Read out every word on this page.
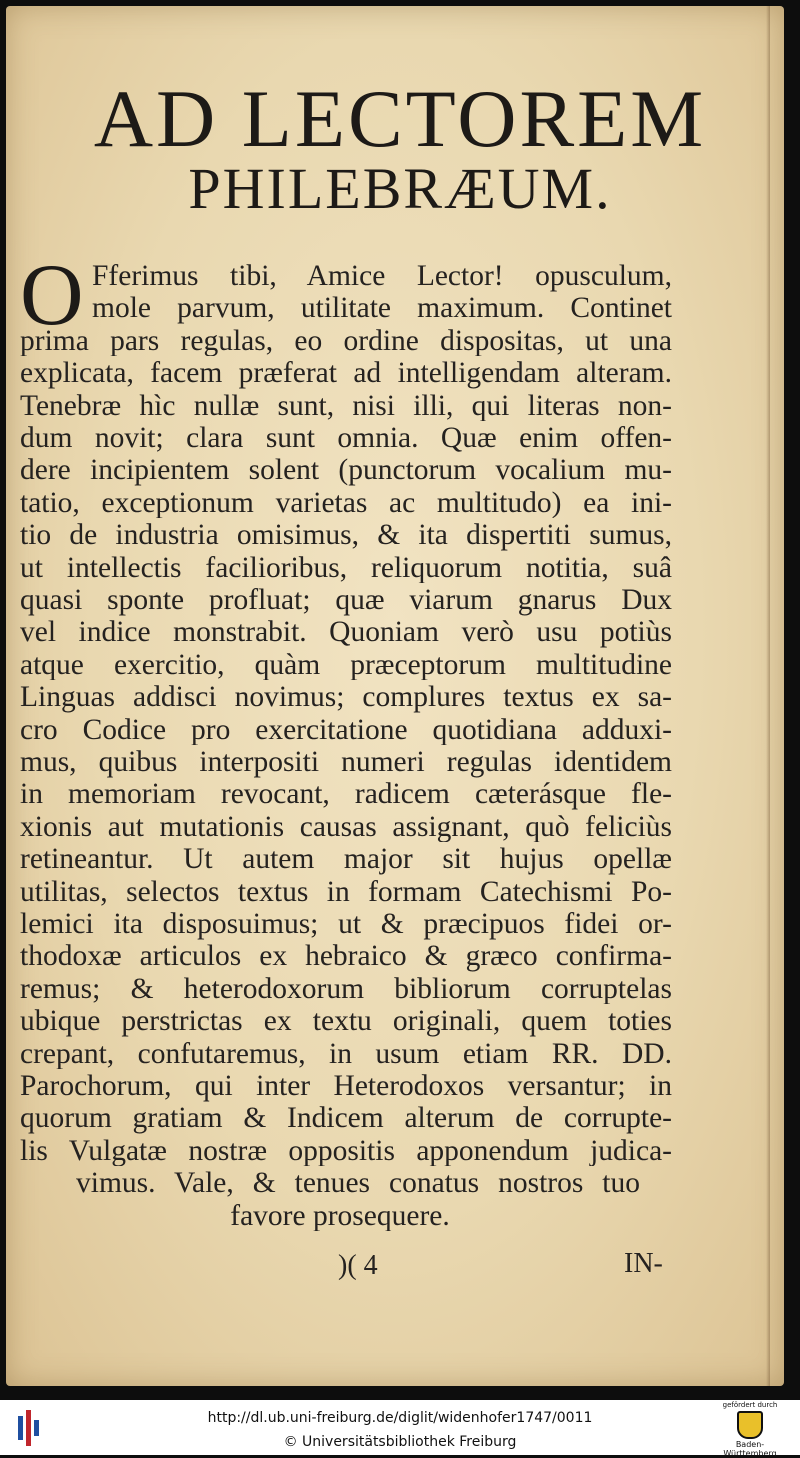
AD LECTOREM
PHILEBRÆUM.
O Fferimus tibi, Amice Lector! opusculum,
mole parvum, utilitate maximum. Continet
prima pars regulas, eo ordine dispositas, ut una
explicata, facem præferat ad intelligendam alteram.
Tenebræ hìc nullæ sunt, nisi illi, qui literas non-
dum novit; clara sunt omnia. Quæ enim offen-
dere incipientem solent (punctorum vocalium mu-
tatio, exceptionum varietas ac multitudo) ea ini-
tio de industria omisimus, & ita dispertiti sumus,
ut intellectis facilioribus, reliquorum notitia, suâ
quasi sponte profluat; quæ viarum gnarus Dux
vel indice monstrabit. Quoniam verò usu potiùs
atque exercitio, quàm præceptorum multitudine
Linguas addisci novimus; complures textus ex sa-
cro Codice pro exercitatione quotidiana adduxi-
mus, quibus interpositi numeri regulas identidem
in memoriam revocant, radicem cæterásque fle-
xionis aut mutationis causas assignant, quò feliciùs
retineantur. Ut autem major sit hujus opellæ
utilitas, selectos textus in formam Catechismi Po-
lemici ita disposuimus; ut & præcipuos fidei or-
thodoxæ articulos ex hebraico & græco confirma-
remus; & heterodoxorum bibliorum corruptelas
ubique perstrictas ex textu originali, quem toties
crepant, confutaremus, in usum etiam RR. DD.
Parochorum, qui inter Heterodoxos versantur; in
quorum gratiam & Indicem alterum de corrupte-
lis Vulgatæ nostræ oppositis apponendum judica-
vimus. Vale, & tenues conatus nostros tuo
favore prosequere.
)( 4	IN-
http://dl.ub.uni-freiburg.de/diglit/widenhofer1747/0011
© Universitätsbibliothek Freiburg
gefördert durch
Baden-Württemberg
